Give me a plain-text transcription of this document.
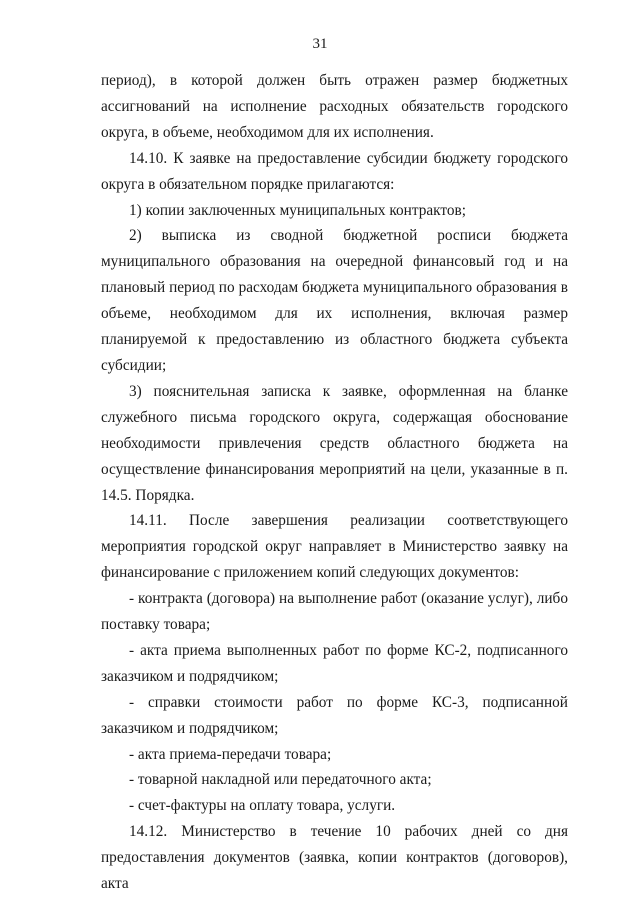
31

период), в которой должен быть отражен размер бюджетных ассигнований на исполнение расходных обязательств городского округа, в объеме, необходимом для их исполнения.

14.10. К заявке на предоставление субсидии бюджету городского округа в обязательном порядке прилагаются:

1) копии заключенных муниципальных контрактов;

2) выписка из сводной бюджетной росписи бюджета муниципального образования на очередной финансовый год и на плановый период по расходам бюджета муниципального образования в объеме, необходимом для их исполнения, включая размер планируемой к предоставлению из областного бюджета субъекта субсидии;

3) пояснительная записка к заявке, оформленная на бланке служебного письма городского округа, содержащая обоснование необходимости привлечения средств областного бюджета на осуществление финансирования мероприятий на цели, указанные в п. 14.5. Порядка.

14.11. После завершения реализации соответствующего мероприятия городской округ направляет в Министерство заявку на финансирование с приложением копий следующих документов:

- контракта (договора) на выполнение работ (оказание услуг), либо поставку товара;

- акта приема выполненных работ по форме КС-2, подписанного заказчиком и подрядчиком;

- справки стоимости работ по форме КС-3, подписанной заказчиком и подрядчиком;

- акта приема-передачи товара;

- товарной накладной или передаточного акта;

- счет-фактуры на оплату товара, услуги.

14.12. Министерство в течение 10 рабочих дней со дня предоставления документов (заявка, копии контрактов (договоров), акта
